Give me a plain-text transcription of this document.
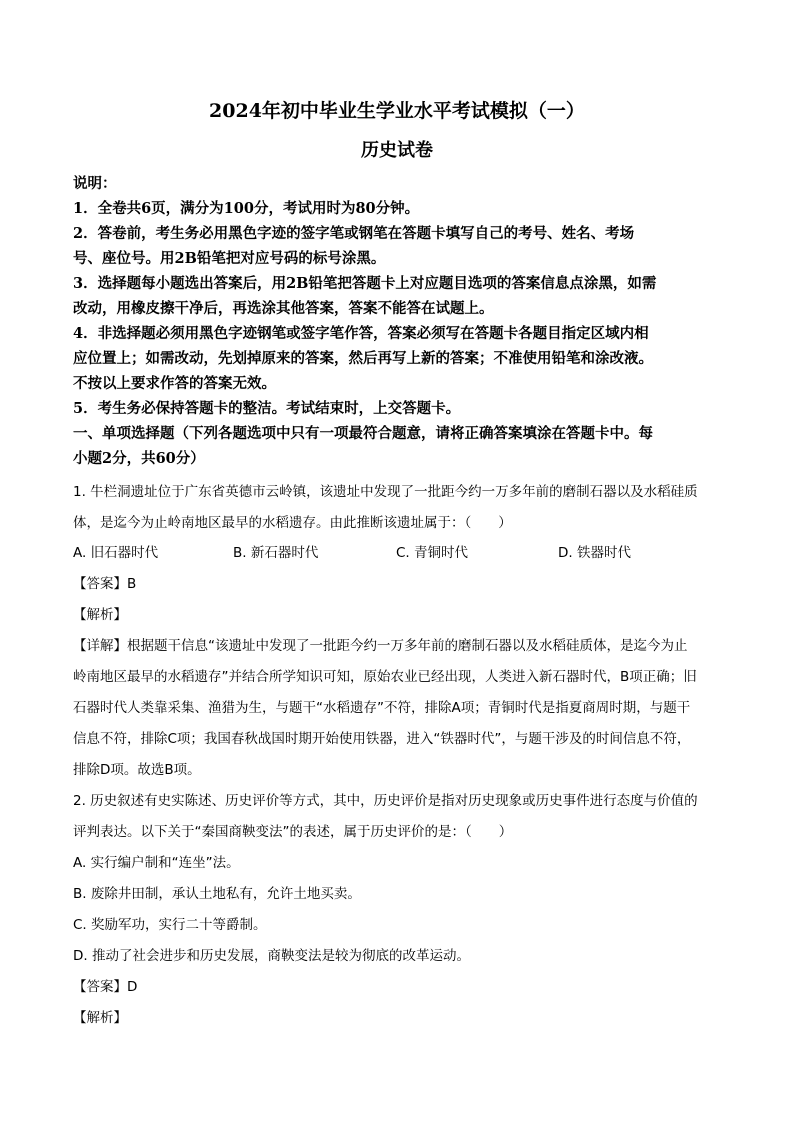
2024年初中毕业生学业水平考试模拟（一）
历史试卷
说明：
1．全卷共6页，满分为100分，考试用时为80分钟。
2．答卷前，考生务必用黑色字迹的签字笔或钢笔在答题卡填写自己的考号、姓名、考场
号、座位号。用2B铅笔把对应号码的标号涂黑。
3．选择题每小题选出答案后，用2B铅笔把答题卡上对应题目选项的答案信息点涂黑，如需
改动，用橡皮擦干净后，再选涂其他答案，答案不能答在试题上。
4．非选择题必须用黑色字迹钢笔或签字笔作答，答案必须写在答题卡各题目指定区域内相
应位置上；如需改动，先划掉原来的答案，然后再写上新的答案；不准使用铅笔和涂改液。
不按以上要求作答的答案无效。
5．考生务必保持答题卡的整洁。考试结束时，上交答题卡。
一、单项选择题（下列各题选项中只有一项最符合题意，请将正确答案填涂在答题卡中。每
小题2分，共60分）
1. 牛栏洞遗址位于广东省英德市云岭镇，该遗址中发现了一批距今约一万多年前的磨制石器以及水稻硅质
体，是迄今为止岭南地区最早的水稻遗存。由此推断该遗址属于：（　　）
A. 旧石器时代	B. 新石器时代	C. 青铜时代	D. 铁器时代
【答案】B
【解析】
【详解】根据题干信息“该遗址中发现了一批距今约一万多年前的磨制石器以及水稻硅质体，是迄今为止
岭南地区最早的水稻遗存”并结合所学知识可知，原始农业已经出现，人类进入新石器时代，B项正确；旧
石器时代人类靠采集、渔猎为生，与题干“水稻遗存”不符，排除A项；青铜时代是指夏商周时期，与题干
信息不符，排除C项；我国春秋战国时期开始使用铁器，进入“铁器时代”，与题干涉及的时间信息不符，
排除D项。故选B项。
2. 历史叙述有史实陈述、历史评价等方式，其中，历史评价是指对历史现象或历史事件进行态度与价值的
评判表达。以下关于“秦国商鞅变法”的表述，属于历史评价的是：（　　）
A. 实行编户制和“连坐”法。
B. 废除井田制，承认土地私有，允许土地买卖。
C. 奖励军功，实行二十等爵制。
D. 推动了社会进步和历史发展，商鞅变法是较为彻底的改革运动。
【答案】D
【解析】
